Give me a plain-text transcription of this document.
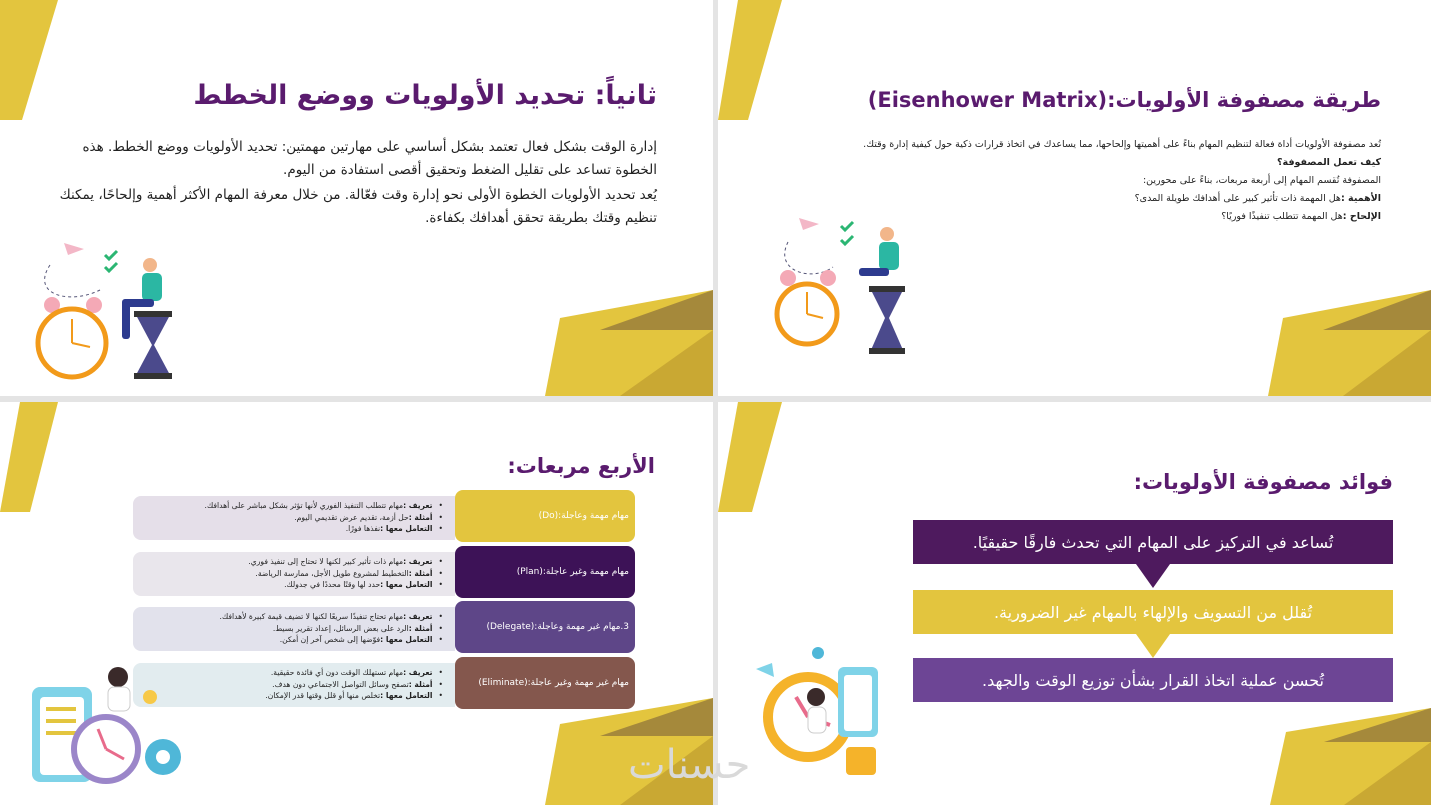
ثانياً: تحديد الأولويات ووضع الخطط

إدارة الوقت بشكل فعال تعتمد بشكل أساسي على مهارتين مهمتين: تحديد الأولويات ووضع الخطط. هذه الخطوة تساعد على تقليل الضغط وتحقيق أقصى استفادة من اليوم.

يُعد تحديد الأولويات الخطوة الأولى نحو إدارة وقت فعّالة. من خلال معرفة المهام الأكثر أهمية وإلحاحًا، يمكنك تنظيم وقتك بطريقة تحقق أهدافك بكفاءة.

طريقة مصفوفة الأولويات:(Eisenhower Matrix)

تُعد مصفوفة الأولويات أداة فعالة لتنظيم المهام بناءً على أهميتها وإلحاحها، مما يساعدك في اتخاذ قرارات ذكية حول كيفية إدارة وقتك.

كيف تعمل المصفوفة؟

المصفوفة تُقسم المهام إلى أربعة مربعات، بناءً على محورين:

الأهمية :هل المهمة ذات تأثير كبير على أهدافك طويلة المدى؟

الإلحاح :هل المهمة تتطلب تنفيذًا فوريًا؟

الأربع مربعات:
• تعريف :مهام تتطلب التنفيذ الفوري لأنها تؤثر بشكل مباشر على أهدافك.
• أمثلة :حل أزمة، تقديم عرض تقديمي اليوم.
• التعامل معها :نفذها فورًا.
مهام مهمة وعاجلة:(Do)
• تعريف :مهام ذات تأثير كبير لكنها لا تحتاج إلى تنفيذ فوري.
• أمثلة :التخطيط لمشروع طويل الأجل، ممارسة الرياضة.
• التعامل معها :حدد لها وقتًا محددًا في جدولك.
مهام مهمة وغير عاجلة:(Plan)
• تعريف :مهام تحتاج تنفيذًا سريعًا لكنها لا تضيف قيمة كبيرة لأهدافك.
• أمثلة :الرد على بعض الرسائل، إعداد تقرير بسيط.
• التعامل معها :فوّضها إلى شخص آخر إن أمكن.
3.مهام غير مهمة وعاجلة:(Delegate)
• تعريف :مهام تستهلك الوقت دون أي فائدة حقيقية.
• أمثلة :تصفح وسائل التواصل الاجتماعي دون هدف.
• التعامل معها :تخلص منها أو قلل وقتها قدر الإمكان.
مهام غير مهمة وغير عاجلة:(Eliminate)
فوائد مصفوفة الأولويات:
تُساعد في التركيز على المهام التي تحدث فارقًا حقيقيًا.
تُقلل من التسويف والإلهاء بالمهام غير الضرورية.
تُحسن عملية اتخاذ القرار بشأن توزيع الوقت والجهد.
حسنات
